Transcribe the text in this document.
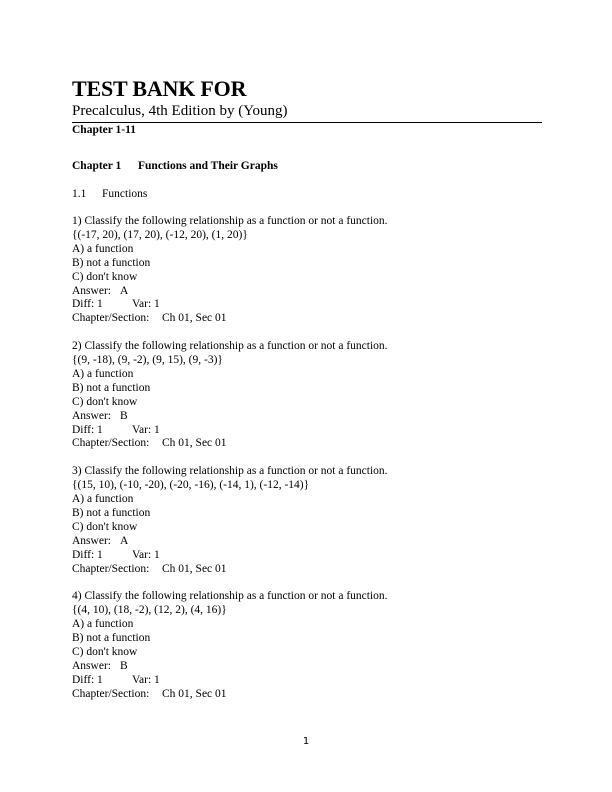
TEST BANK FOR

Precalculus, 4th Edition by (Young)

Chapter 1-11

Chapter 1 Functions and Their Graphs
1.1 Functions
1) Classify the following relationship as a function or not a function.
{(-17, 20), (17, 20), (-12, 20), (1, 20)}
A) a function
B) not a function
C) don't know
Answer: A
Diff: 1	Var: 1
Chapter/Section: Ch 01, Sec 01
2) Classify the following relationship as a function or not a function.
{(9, -18), (9, -2), (9, 15), (9, -3)}
A) a function
B) not a function
C) don't know
Answer: B
Diff: 1	Var: 1
Chapter/Section: Ch 01, Sec 01
3) Classify the following relationship as a function or not a function.
{(15, 10), (-10, -20), (-20, -16), (-14, 1), (-12, -14)}
A) a function
B) not a function
C) don't know
Answer: A
Diff: 1	Var: 1
Chapter/Section: Ch 01, Sec 01
4) Classify the following relationship as a function or not a function.
{(4, 10), (18, -2), (12, 2), (4, 16)}
A) a function
B) not a function
C) don't know
Answer: B
Diff: 1	Var: 1
Chapter/Section: Ch 01, Sec 01
1
